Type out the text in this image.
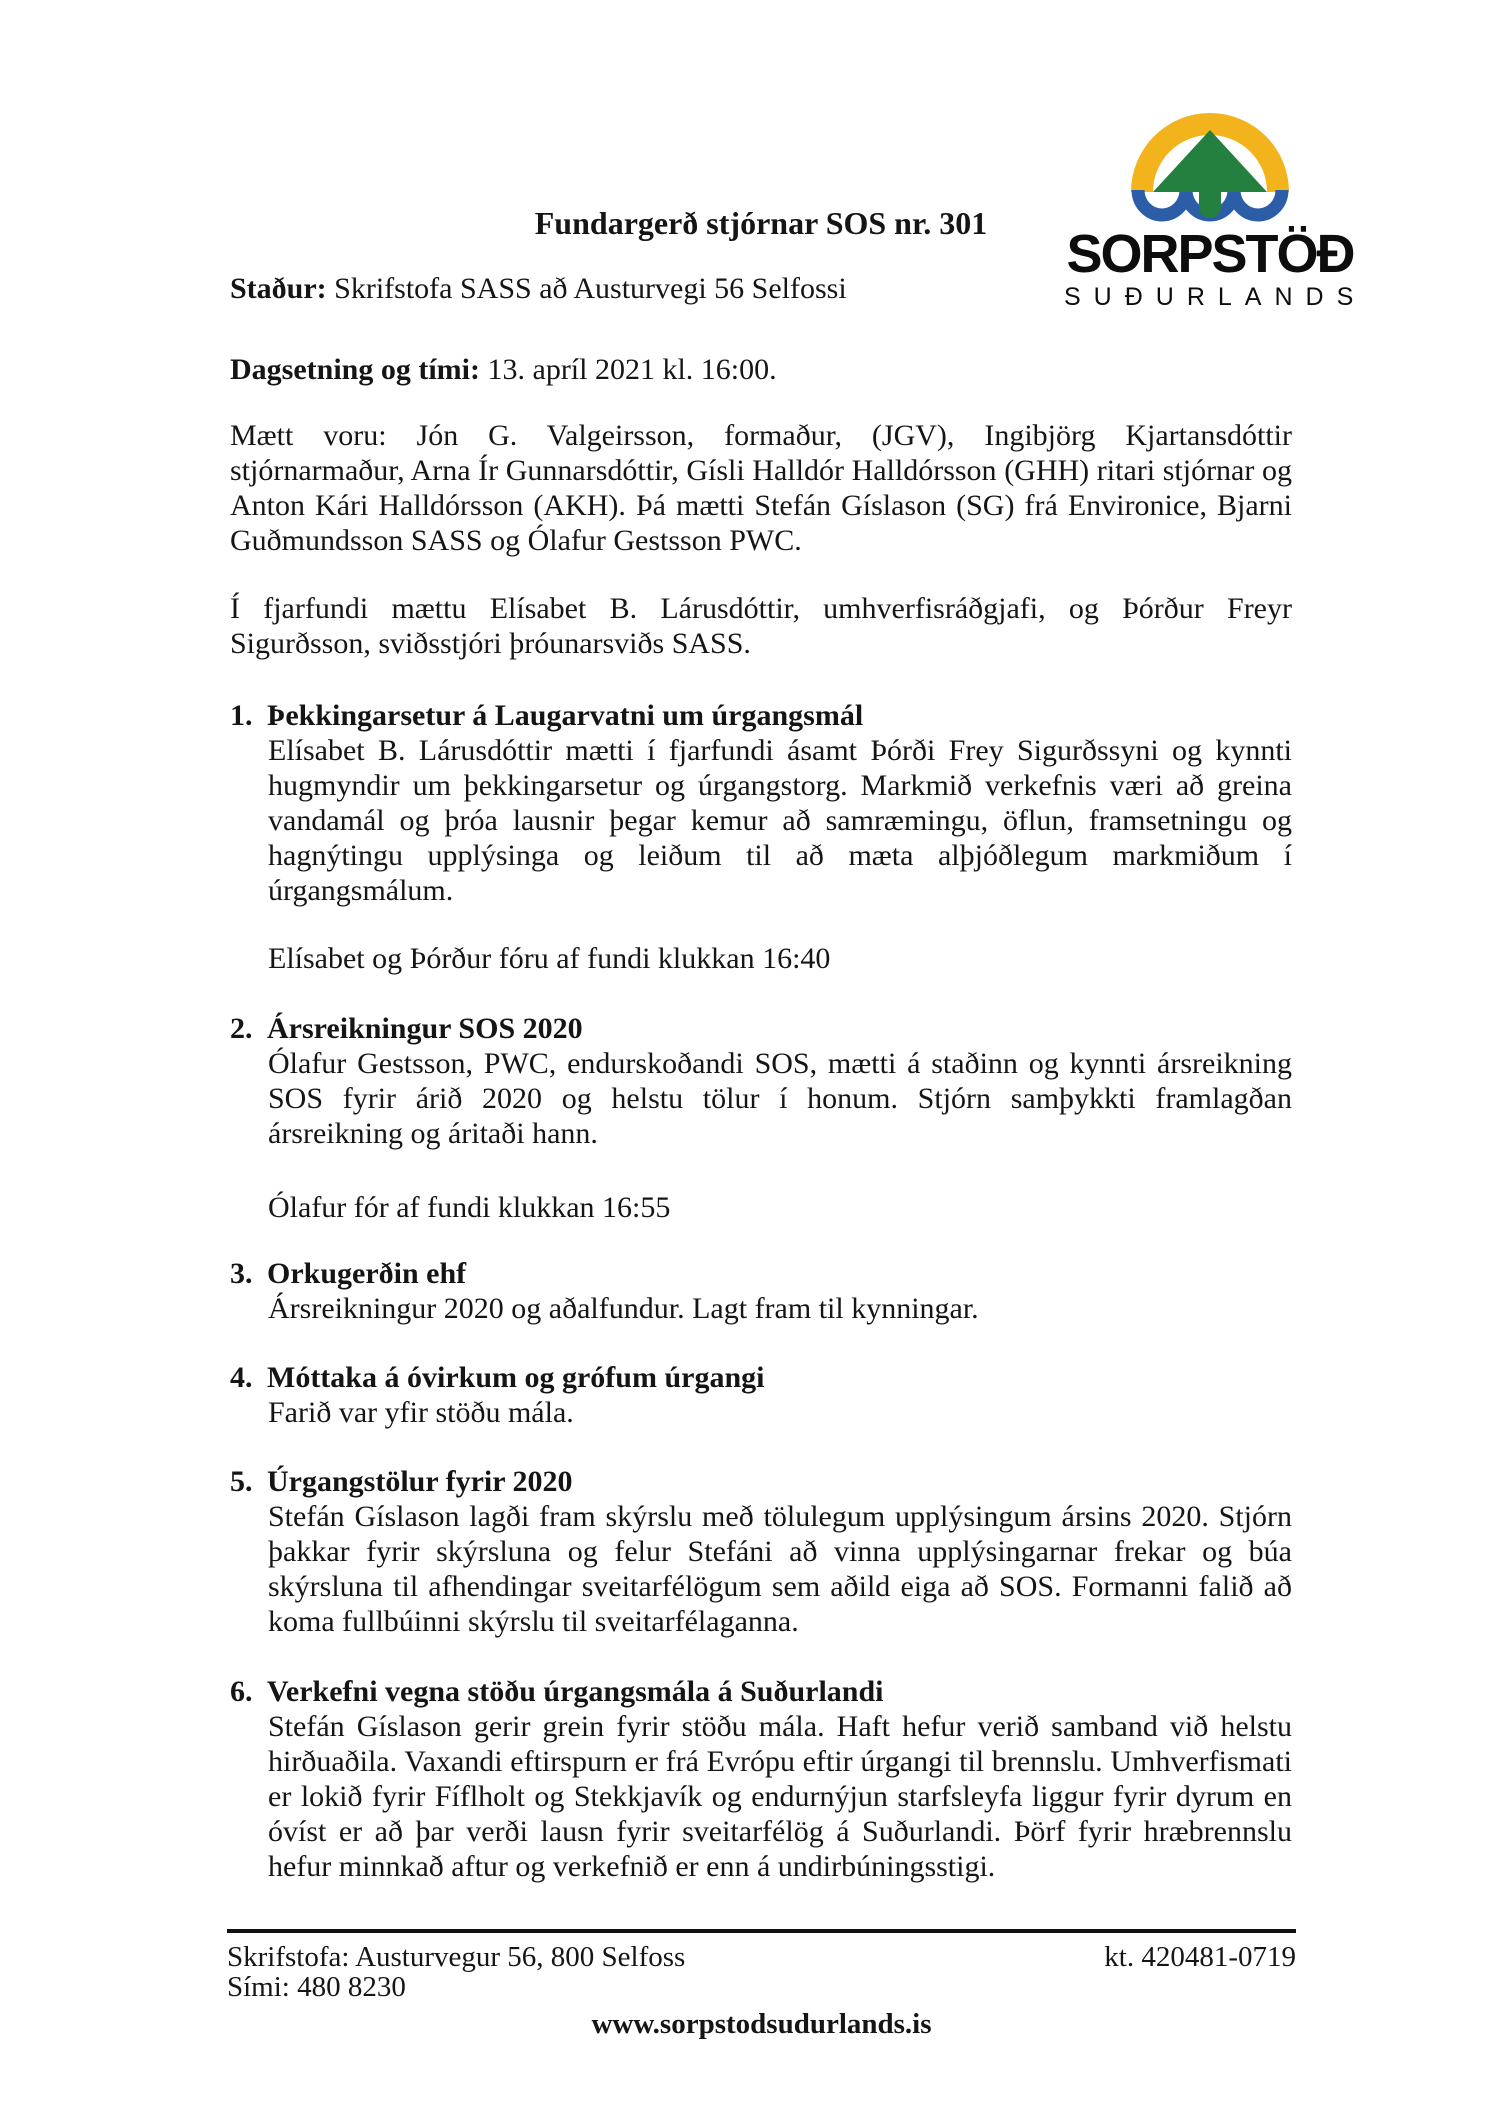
SORPSTÖÐ
SUÐURLANDS
Fundargerð stjórnar SOS nr. 301

Staður: Skrifstofa SASS að Austurvegi 56 Selfossi

Dagsetning og tími: 13. apríl 2021 kl. 16:00.

Mætt voru: Jón G. Valgeirsson, formaður, (JGV), Ingibjörg Kjartansdóttir stjórnarmaður, Arna Ír Gunnarsdóttir, Gísli Halldór Halldórsson (GHH) ritari stjórnar og Anton Kári Halldórsson (AKH). Þá mætti Stefán Gíslason (SG) frá Environice, Bjarni Guðmundsson SASS og Ólafur Gestsson PWC.

Í fjarfundi mættu Elísabet B. Lárusdóttir, umhverfisráðgjafi, og Þórður Freyr Sigurðsson, sviðsstjóri þróunarsviðs SASS.

1. Þekkingarsetur á Laugarvatni um úrgangsmál

Elísabet B. Lárusdóttir mætti í fjarfundi ásamt Þórði Frey Sigurðssyni og kynnti hugmyndir um þekkingarsetur og úrgangstorg. Markmið verkefnis væri að greina vandamál og þróa lausnir þegar kemur að samræmingu, öflun, framsetningu og hagnýtingu upplýsinga og leiðum til að mæta alþjóðlegum markmiðum í úrgangsmálum.

Elísabet og Þórður fóru af fundi klukkan 16:40

2. Ársreikningur SOS 2020

Ólafur Gestsson, PWC, endurskoðandi SOS, mætti á staðinn og kynnti ársreikning SOS fyrir árið 2020 og helstu tölur í honum. Stjórn samþykkti framlagðan ársreikning og áritaði hann.

Ólafur fór af fundi klukkan 16:55

3. Orkugerðin ehf

Ársreikningur 2020 og aðalfundur. Lagt fram til kynningar.

4. Móttaka á óvirkum og grófum úrgangi

Farið var yfir stöðu mála.

5. Úrgangstölur fyrir 2020

Stefán Gíslason lagði fram skýrslu með tölulegum upplýsingum ársins 2020. Stjórn þakkar fyrir skýrsluna og felur Stefáni að vinna upplýsingarnar frekar og búa skýrsluna til afhendingar sveitarfélögum sem aðild eiga að SOS. Formanni falið að koma fullbúinni skýrslu til sveitarfélaganna.

6. Verkefni vegna stöðu úrgangsmála á Suðurlandi

Stefán Gíslason gerir grein fyrir stöðu mála. Haft hefur verið samband við helstu hirðuaðila. Vaxandi eftirspurn er frá Evrópu eftir úrgangi til brennslu. Umhverfismati er lokið fyrir Fíflholt og Stekkjavík og endurnýjun starfsleyfa liggur fyrir dyrum en óvíst er að þar verði lausn fyrir sveitarfélög á Suðurlandi. Þörf fyrir hræbrennslu hefur minnkað aftur og verkefnið er enn á undirbúningsstigi.

Skrifstofa: Austurvegur 56, 800 Selfoss	kt. 420481-0719
Sími: 480 8230
www.sorpstodsudurlands.is
